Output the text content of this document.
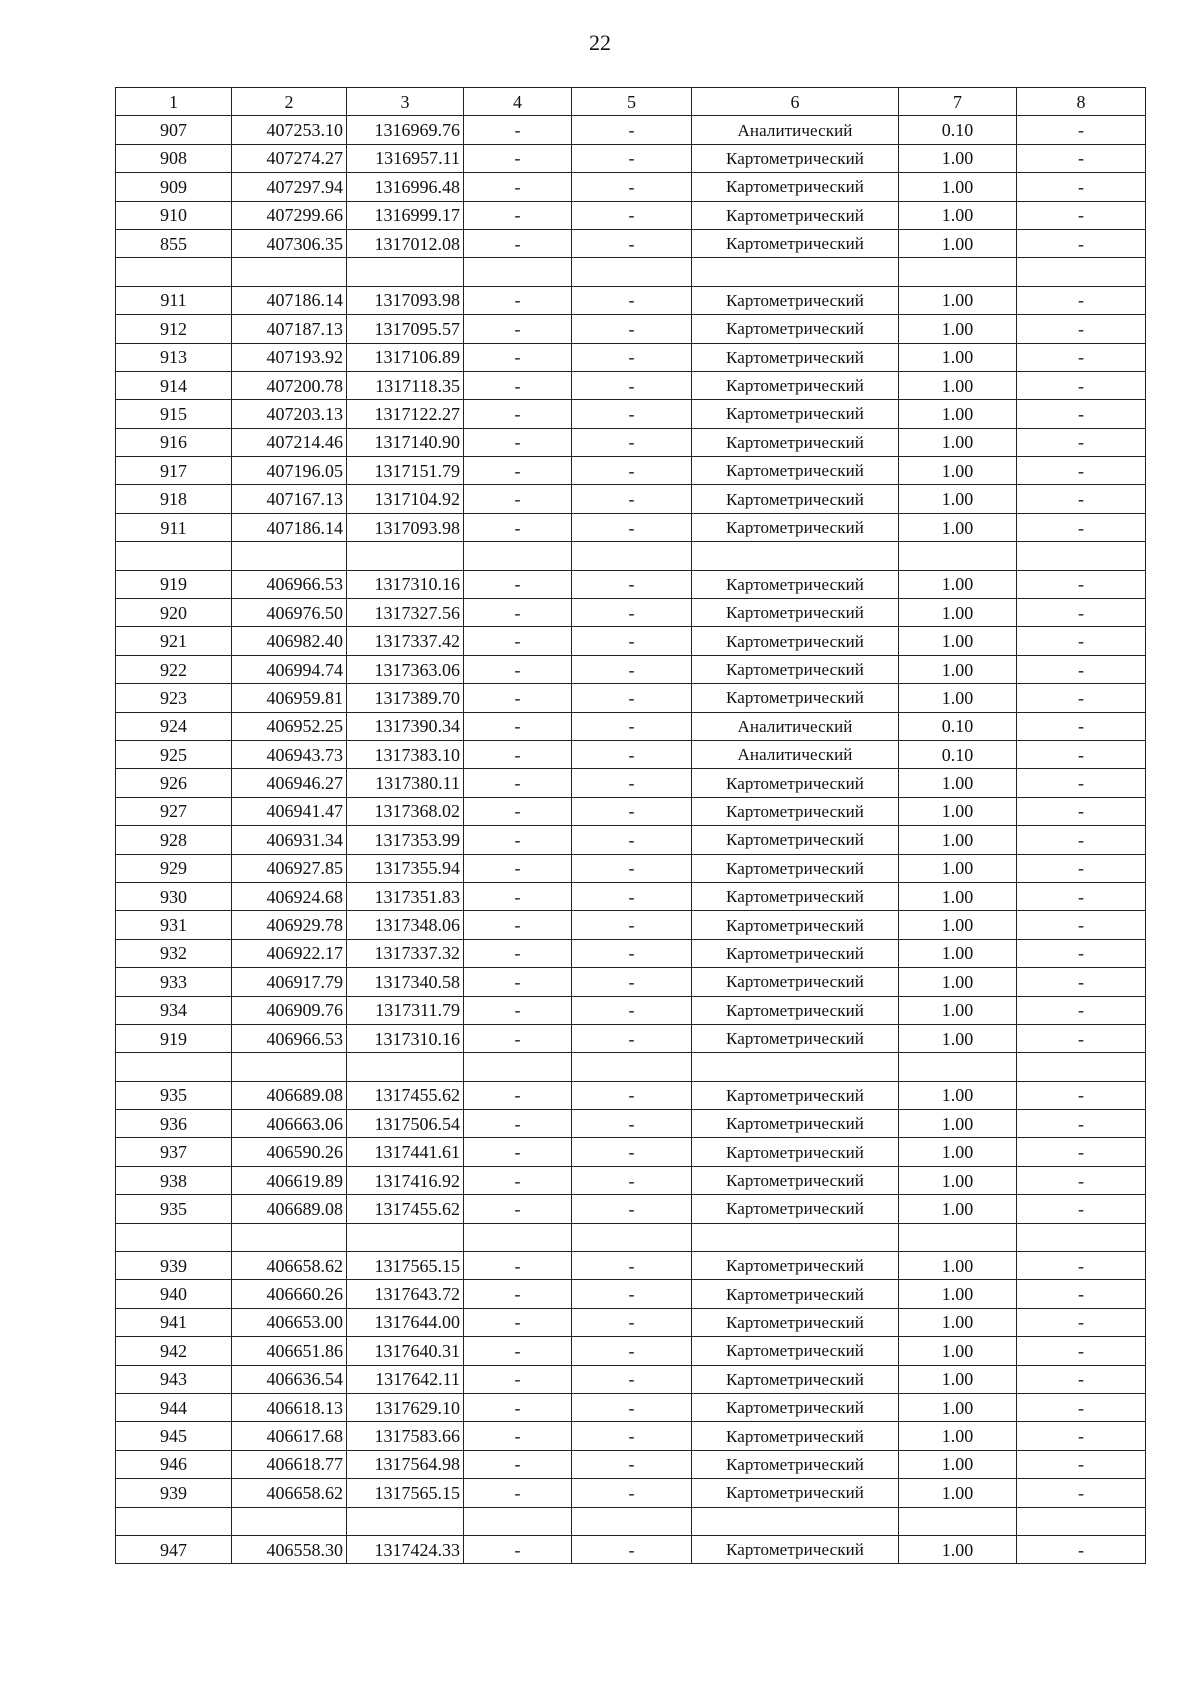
22
1	2	3	4	5	6	7	8
907	407253.10	1316969.76	-	-	Аналитический	0.10	-
908	407274.27	1316957.11	-	-	Картометрический	1.00	-
909	407297.94	1316996.48	-	-	Картометрический	1.00	-
910	407299.66	1316999.17	-	-	Картометрический	1.00	-
855	407306.35	1317012.08	-	-	Картометрический	1.00	-

911	407186.14	1317093.98	-	-	Картометрический	1.00	-
912	407187.13	1317095.57	-	-	Картометрический	1.00	-
913	407193.92	1317106.89	-	-	Картометрический	1.00	-
914	407200.78	1317118.35	-	-	Картометрический	1.00	-
915	407203.13	1317122.27	-	-	Картометрический	1.00	-
916	407214.46	1317140.90	-	-	Картометрический	1.00	-
917	407196.05	1317151.79	-	-	Картометрический	1.00	-
918	407167.13	1317104.92	-	-	Картометрический	1.00	-
911	407186.14	1317093.98	-	-	Картометрический	1.00	-

919	406966.53	1317310.16	-	-	Картометрический	1.00	-
920	406976.50	1317327.56	-	-	Картометрический	1.00	-
921	406982.40	1317337.42	-	-	Картометрический	1.00	-
922	406994.74	1317363.06	-	-	Картометрический	1.00	-
923	406959.81	1317389.70	-	-	Картометрический	1.00	-
924	406952.25	1317390.34	-	-	Аналитический	0.10	-
925	406943.73	1317383.10	-	-	Аналитический	0.10	-
926	406946.27	1317380.11	-	-	Картометрический	1.00	-
927	406941.47	1317368.02	-	-	Картометрический	1.00	-
928	406931.34	1317353.99	-	-	Картометрический	1.00	-
929	406927.85	1317355.94	-	-	Картометрический	1.00	-
930	406924.68	1317351.83	-	-	Картометрический	1.00	-
931	406929.78	1317348.06	-	-	Картометрический	1.00	-
932	406922.17	1317337.32	-	-	Картометрический	1.00	-
933	406917.79	1317340.58	-	-	Картометрический	1.00	-
934	406909.76	1317311.79	-	-	Картометрический	1.00	-
919	406966.53	1317310.16	-	-	Картометрический	1.00	-

935	406689.08	1317455.62	-	-	Картометрический	1.00	-
936	406663.06	1317506.54	-	-	Картометрический	1.00	-
937	406590.26	1317441.61	-	-	Картометрический	1.00	-
938	406619.89	1317416.92	-	-	Картометрический	1.00	-
935	406689.08	1317455.62	-	-	Картометрический	1.00	-

939	406658.62	1317565.15	-	-	Картометрический	1.00	-
940	406660.26	1317643.72	-	-	Картометрический	1.00	-
941	406653.00	1317644.00	-	-	Картометрический	1.00	-
942	406651.86	1317640.31	-	-	Картометрический	1.00	-
943	406636.54	1317642.11	-	-	Картометрический	1.00	-
944	406618.13	1317629.10	-	-	Картометрический	1.00	-
945	406617.68	1317583.66	-	-	Картометрический	1.00	-
946	406618.77	1317564.98	-	-	Картометрический	1.00	-
939	406658.62	1317565.15	-	-	Картометрический	1.00	-

947	406558.30	1317424.33	-	-	Картометрический	1.00	-
